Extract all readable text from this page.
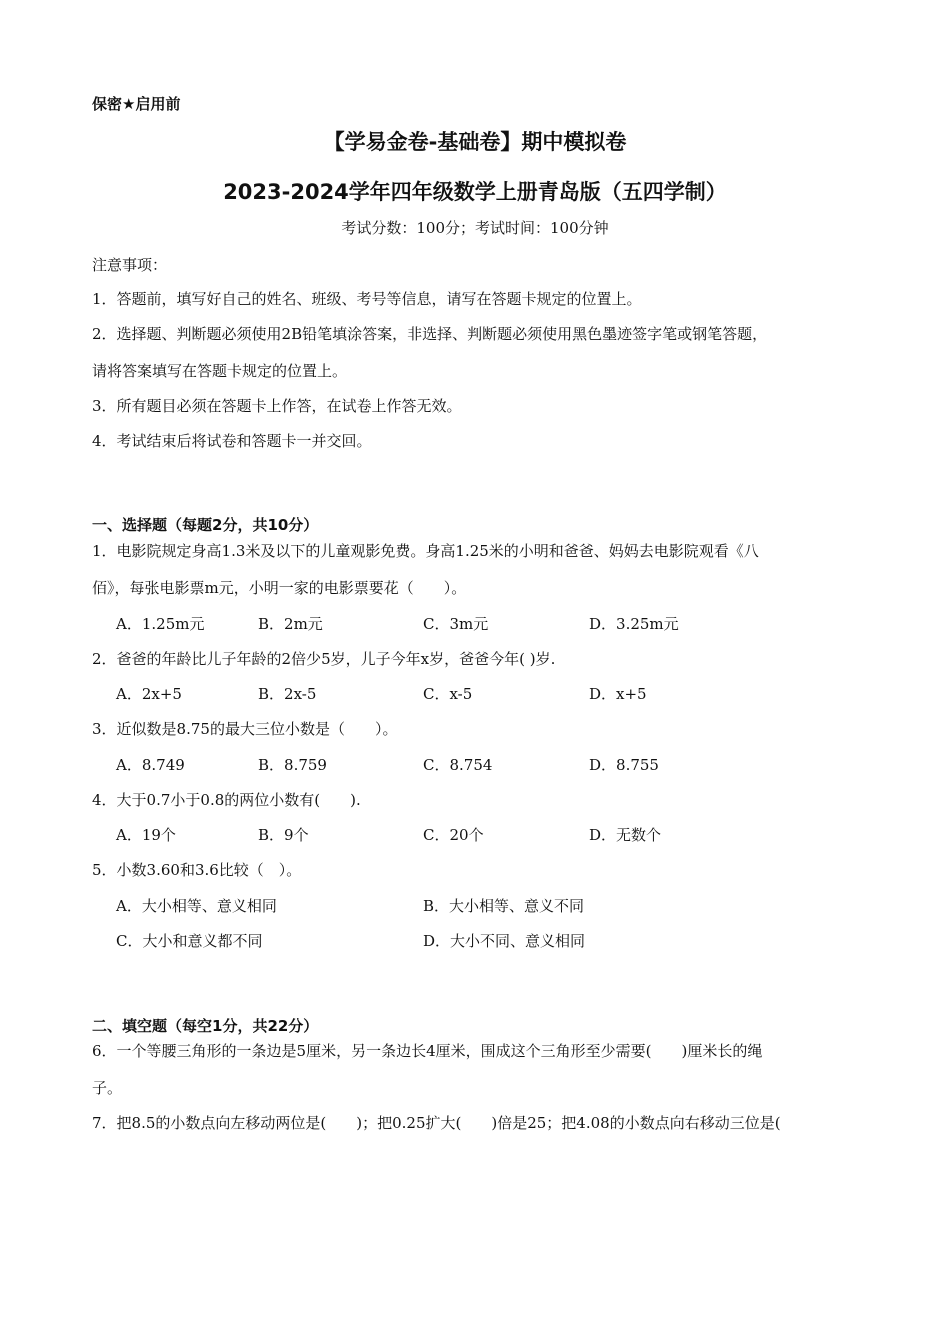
保密★启用前
【学易金卷-基础卷】期中模拟卷
2023-2024学年四年级数学上册青岛版（五四学制）
考试分数：100分；考试时间：100分钟
注意事项：
1．答题前，填写好自己的姓名、班级、考号等信息，请写在答题卡规定的位置上。
2．选择题、判断题必须使用2B铅笔填涂答案，非选择、判断题必须使用黑色墨迹签字笔或钢笔答题，
请将答案填写在答题卡规定的位置上。
3．所有题目必须在答题卡上作答，在试卷上作答无效。
4．考试结束后将试卷和答题卡一并交回。
一、选择题（每题2分，共10分）
1．电影院规定身高1.3米及以下的儿童观影免费。身高1.25米的小明和爸爸、妈妈去电影院观看《八
佰》，每张电影票m元，小明一家的电影票要花（　　）。
A．1.25m元	B．2m元	C．3m元	D．3.25m元
2．爸爸的年龄比儿子年龄的2倍少5岁，儿子今年x岁，爸爸今年( )岁.
A．2x+5	B．2x-5	C．x-5	D．x+5
3．近似数是8.75的最大三位小数是（　　）。
A．8.749	B．8.759	C．8.754	D．8.755
4．大于0.7小于0.8的两位小数有(　　).
A．19个	B．9个	C．20个	D．无数个
5．小数3.60和3.6比较（　）。
A．大小相等、意义相同	B．大小相等、意义不同
C．大小和意义都不同	D．大小不同、意义相同
二、填空题（每空1分，共22分）
6．一个等腰三角形的一条边是5厘米，另一条边长4厘米，围成这个三角形至少需要(　　)厘米长的绳
子。
7．把8.5的小数点向左移动两位是(　　)；把0.25扩大(　　)倍是25；把4.08的小数点向右移动三位是(
